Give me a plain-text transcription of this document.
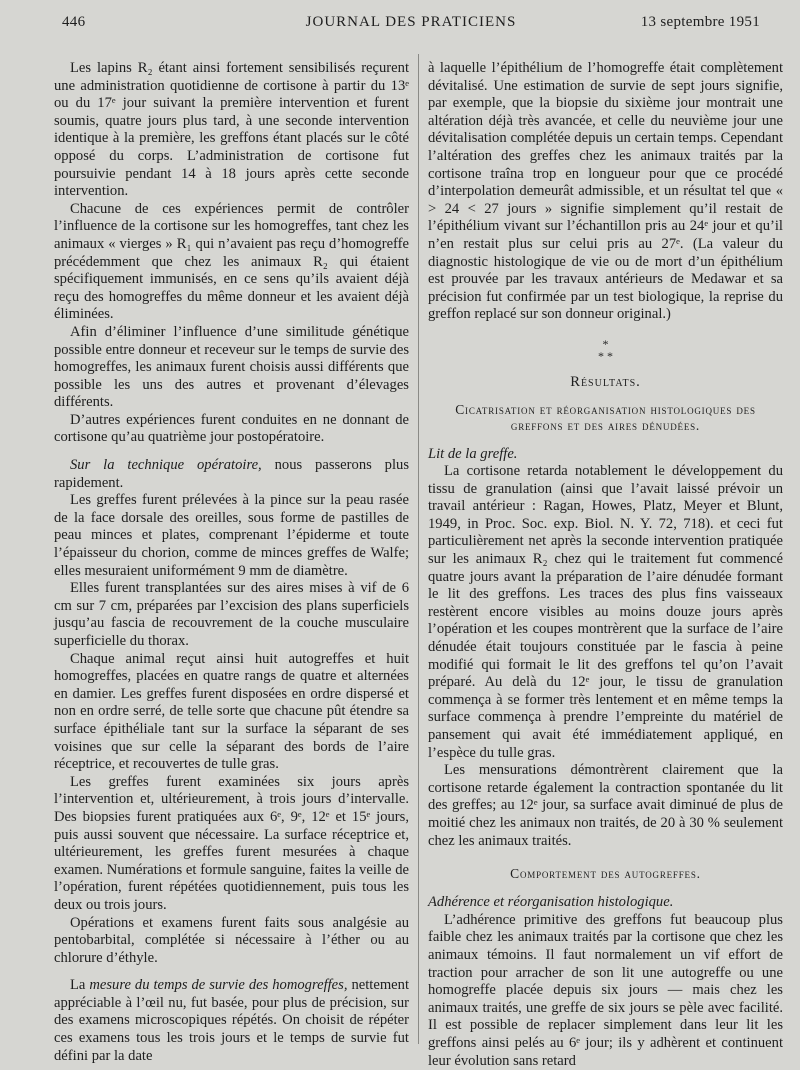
446	JOURNAL DES PRATICIENS	13 septembre 1951

Les lapins R₂ étant ainsi fortement sensibilisés reçurent une administration quotidienne de cortisone à partir du 13ᵉ ou du 17ᵉ jour suivant la première intervention et furent soumis, quatre jours plus tard, à une seconde intervention identique à la première, les greffons étant placés sur le côté opposé du corps. L’administration de cortisone fut poursuivie pendant 14 à 18 jours après cette seconde intervention.

Chacune de ces expériences permit de contrôler l’influence de la cortisone sur les homogreffes, tant chez les animaux « vierges » R₁ qui n’avaient pas reçu d’homogreffe précédemment que chez les animaux R₂ qui étaient spécifiquement immunisés, en ce sens qu’ils avaient déjà reçu des homogreffes du même donneur et les avaient déjà éliminées.

Afin d’éliminer l’influence d’une similitude génétique possible entre donneur et receveur sur le temps de survie des homogreffes, les animaux furent choisis aussi différents que possible les uns des autres et provenant d’élevages différents.

D’autres expériences furent conduites en ne donnant de cortisone qu’au quatrième jour postopératoire.

Sur la technique opératoire, nous passerons plus rapidement.

Les greffes furent prélevées à la pince sur la peau rasée de la face dorsale des oreilles, sous forme de pastilles de peau minces et plates, comprenant l’épiderme et toute l’épaisseur du chorion, comme de minces greffes de Walfe; elles mesuraient uniformément 9 mm de diamètre.

Elles furent transplantées sur des aires mises à vif de 6 cm sur 7 cm, préparées par l’excision des plans superficiels jusqu’au fascia de recouvrement de la couche musculaire superficielle du thorax.

Chaque animal reçut ainsi huit autogreffes et huit homogreffes, placées en quatre rangs de quatre et alternées en damier. Les greffes furent disposées en ordre dispersé et non en ordre serré, de telle sorte que chacune pût étendre sa surface épithéliale tant sur la surface la séparant de ses voisines que sur celle la séparant des bords de l’aire réceptrice, et recouvertes de tulle gras.

Les greffes furent examinées six jours après l’intervention et, ultérieurement, à trois jours d’intervalle. Des biopsies furent pratiquées aux 6ᵉ, 9ᵉ, 12ᵉ et 15ᵉ jours, puis aussi souvent que nécessaire. La surface réceptrice et, ultérieurement, les greffes furent mesurées à chaque examen. Numérations et formule sanguine, faites la veille de l’opération, furent répétées quotidiennement, puis tous les deux ou trois jours.

Opérations et examens furent faits sous analgésie au pentobarbital, complétée si nécessaire à l’éther ou au chlorure d’éthyle.

La mesure du temps de survie des homogreffes, nettement appréciable à l’œil nu, fut basée, pour plus de précision, sur des examens microscopiques répétés. On choisit de répéter ces examens tous les trois jours et le temps de survie fut défini par la date

à laquelle l’épithélium de l’homogreffe était complètement dévitalisé. Une estimation de survie de sept jours signifie, par exemple, que la biopsie du sixième jour montrait une altération déjà très avancée, et celle du neuvième jour une dévitalisation complétée depuis un certain temps. Cependant l’altération des greffes chez les animaux traités par la cortisone traîna trop en longueur pour que ce procédé d’interpolation demeurât admissible, et un résultat tel que « > 24 < 27 jours » signifie simplement qu’il restait de l’épithélium vivant sur l’échantillon pris au 24ᵉ jour et qu’il n’en restait plus sur celui pris au 27ᵉ. (La valeur du diagnostic histologique de vie ou de mort d’un épithélium est prouvée par les travaux antérieurs de Medawar et sa précision fut confirmée par un test biologique, la reprise du greffon replacé sur son donneur original.)

*
* *
Résultats.
Cicatrisation et réorganisation histologiques des greffons et des aires dénudées.

Lit de la greffe.

La cortisone retarda notablement le développement du tissu de granulation (ainsi que l’avait laissé prévoir un travail antérieur : Ragan, Howes, Platz, Meyer et Blunt, 1949, in Proc. Soc. exp. Biol. N. Y. 72, 718). et ceci fut particulièrement net après la seconde intervention pratiquée sur les animaux R₂ chez qui le traitement fut commencé quatre jours avant la préparation de l’aire dénudée formant le lit des greffons. Les traces des plus fins vaisseaux restèrent encore visibles au moins douze jours après l’opération et les coupes montrèrent que la surface de l’aire dénudée était toujours constituée par le fascia à peine modifié qui formait le lit des greffons tel qu’on l’avait préparé. Au delà du 12ᵉ jour, le tissu de granulation commença à se former très lentement et en même temps la surface commença à prendre l’empreinte du matériel de pansement qui avait été immédiatement appliqué, en l’espèce du tulle gras.

Les mensurations démontrèrent clairement que la cortisone retarde également la contraction spontanée du lit des greffes; au 12ᵉ jour, sa surface avait diminué de plus de moitié chez les animaux non traités, de 20 à 30 % seulement chez les animaux traités.

Comportement des autogreffes.

Adhérence et réorganisation histologique.

L’adhérence primitive des greffons fut beaucoup plus faible chez les animaux traités par la cortisone que chez les animaux témoins. Il faut normalement un vif effort de traction pour arracher de son lit une autogreffe ou une homogreffe placée depuis six jours — mais chez les animaux traités, une greffe de six jours se pèle avec facilité. Il est possible de replacer simplement dans leur lit les greffons ainsi pelés au 6ᵉ jour; ils y adhèrent et continuent leur évolution sans retard
